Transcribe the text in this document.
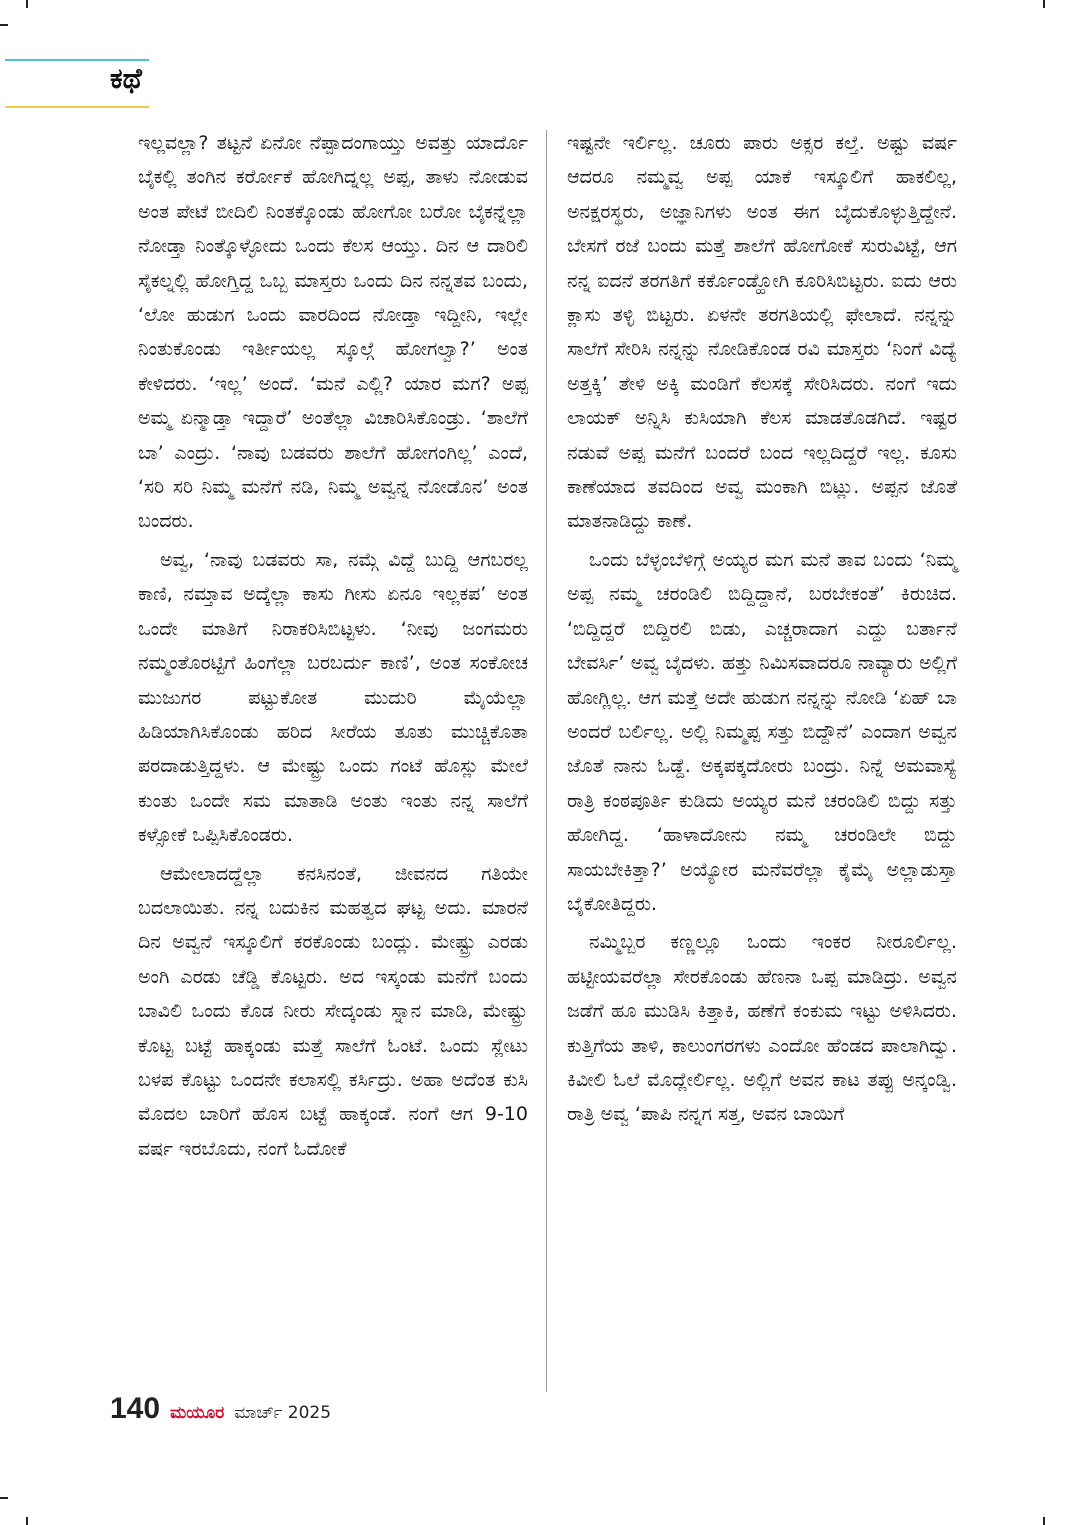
ಕಥೆ

ಇಲ್ಲವಲ್ಲಾ? ತಟ್ಟನೆ ಏನೋ ನೆಪ್ಪಾದಂಗಾಯ್ತು ಅವತ್ತು ಯಾರ್ದೊ ಬೈಕಲ್ಲಿ ತಂಗಿನ ಕರ್ರೋಕೆ ಹೋಗಿದ್ನಲ್ಲ ಅಪ್ಪ, ತಾಳು ನೋಡುವ ಅಂತ ಪೇಟೆ ಬೀದಿಲಿ ನಿಂತಕ್ಕೊಂಡು ಹೋಗೋ ಬರೋ ಬೈಕನ್ನೆಲ್ಲಾ ನೋಡ್ತಾ ನಿಂತ್ಕೊಳ್ಳೋದು ಒಂದು ಕೆಲಸ ಆಯ್ತು. ದಿನ ಆ ದಾರಿಲಿ ಸೈಕಲ್ನಲ್ಲಿ ಹೋಗ್ತಿದ್ದ ಒಬ್ಬ ಮಾಸ್ತರು ಒಂದು ದಿನ ನನ್ನತವ ಬಂದು, ‘ಲೋ ಹುಡುಗ ಒಂದು ವಾರದಿಂದ ನೋಡ್ತಾ ಇದ್ದೀನಿ, ಇಲ್ಲೇ ನಿಂತುಕೊಂಡು ಇರ್ತೀಯಲ್ಲ ಸ್ಕೂಲ್ಗೆ ಹೋಗಲ್ವಾ?’ ಅಂತ ಕೇಳಿದರು. ‘ಇಲ್ಲ’ ಅಂದೆ. ‘ಮನೆ ಎಲ್ಲಿ? ಯಾರ ಮಗ? ಅಪ್ಪ ಅಮ್ಮ ಏನ್ಮಾಡ್ತಾ ಇದ್ದಾರೆ’ ಅಂತೆಲ್ಲಾ ವಿಚಾರಿಸಿಕೊಂಡ್ರು. ‘ಶಾಲೆಗೆ ಬಾ’ ಎಂದ್ರು. ‘ನಾವು ಬಡವರು ಶಾಲೆಗೆ ಹೋಗಂಗಿಲ್ಲ’ ಎಂದೆ, ‘ಸರಿ ಸರಿ ನಿಮ್ಮ ಮನೆಗೆ ನಡಿ, ನಿಮ್ಮ ಅವ್ವನ್ನ ನೋಡೊನ’ ಅಂತ ಬಂದರು.

ಅವ್ವ, ‘ನಾವು ಬಡವರು ಸಾ, ನಮ್ಗೆ ವಿದ್ದೆ ಬುದ್ದಿ ಆಗಬರಲ್ಲ ಕಾಣಿ, ನಮ್ತಾವ ಅದ್ಕೆಲ್ಲಾ ಕಾಸು ಗೀಸು ಏನೂ ಇಲ್ಲಕಪ’ ಅಂತ ಒಂದೇ ಮಾತಿಗೆ ನಿರಾಕರಿಸಿಬಿಟ್ಟಳು. ‘ನೀವು ಜಂಗಮರು ನಮ್ಮಂತೊರಟ್ಟಿಗೆ ಹಿಂಗೆಲ್ಲಾ ಬರಬರ್ದು ಕಾಣಿ’, ಅಂತ ಸಂಕೋಚ ಮುಜುಗರ ಪಟ್ಟುಕೋತ ಮುದುರಿ ಮೈಯೆಲ್ಲಾ ಹಿಡಿಯಾಗಿಸಿಕೊಂಡು ಹರಿದ ಸೀರೆಯ ತೂತು ಮುಚ್ಚಿಕೊತಾ ಪರದಾಡುತ್ತಿದ್ದಳು. ಆ ಮೇಷ್ಟ್ರು ಒಂದು ಗಂಟೆ ಹೊಸ್ಲು ಮೇಲೆ ಕುಂತು ಒಂದೇ ಸಮ ಮಾತಾಡಿ ಅಂತು ಇಂತು ನನ್ನ ಸಾಲೆಗೆ ಕಳ್ಸೋಕೆ ಒಪ್ಪಿಸಿಕೊಂಡರು.

ಆಮೇಲಾದದ್ದೆಲ್ಲಾ ಕನಸಿನಂತೆ, ಜೀವನದ ಗತಿಯೇ ಬದಲಾಯಿತು. ನನ್ನ ಬದುಕಿನ ಮಹತ್ವದ ಘಟ್ಟ ಅದು. ಮಾರನೆ ದಿನ ಅವ್ವನೆ ಇಸ್ಕೂಲಿಗೆ ಕರಕೊಂಡು ಬಂದ್ಲು. ಮೇಷ್ಟ್ರು ಎರಡು ಅಂಗಿ ಎರಡು ಚೆಡ್ಡಿ ಕೊಟ್ಟರು. ಅದ ಇಸ್ಕಂಡು ಮನೆಗೆ ಬಂದು ಬಾವಿಲಿ ಒಂದು ಕೊಡ ನೀರು ಸೇದ್ಕಂಡು ಸ್ನಾನ ಮಾಡಿ, ಮೇಷ್ಟ್ರು ಕೊಟ್ಟ ಬಟ್ಟೆ ಹಾಕ್ಕಂಡು ಮತ್ತೆ ಸಾಲೆಗೆ ಓಂಟೆ. ಒಂದು ಸ್ಲೇಟು ಬಳಪ ಕೊಟ್ಟು ಒಂದನೇ ಕಲಾಸಲ್ಲಿ ಕರ್ಸಿದ್ರು. ಅಹಾ ಅದೆಂತ ಕುಸಿ ಮೊದಲ ಬಾರಿಗೆ ಹೊಸ ಬಟ್ಟೆ ಹಾಕ್ಕಂಡೆ. ನಂಗೆ ಆಗ 9-10 ವರ್ಷ ಇರಬೊದು, ನಂಗೆ ಓದೋಕೆ

ಇಷ್ಟನೇ ಇರ್ಲಿಲ್ಲ. ಚೂರು ಪಾರು ಅಕ್ಸರ ಕಲ್ತೆ. ಅಷ್ಟು ವರ್ಷ ಆದರೂ ನಮ್ಮವ್ವ ಅಪ್ಪ ಯಾಕೆ ಇಸ್ಕೂಲಿಗೆ ಹಾಕಲಿಲ್ಲ, ಅನಕ್ಷರಸ್ಥರು, ಅಜ್ಞಾನಿಗಳು ಅಂತ ಈಗ ಬೈದುಕೊಳ್ಳುತ್ತಿದ್ದೇನೆ. ಬೇಸಗೆ ರಜೆ ಬಂದು ಮತ್ತೆ ಶಾಲೆಗೆ ಹೋಗೋಕೆ ಸುರುವಿಟ್ಟೆ, ಆಗ ನನ್ನ ಐದನೆ ತರಗತಿಗೆ ಕರ್ಕೊಂಡ್ಹೋಗಿ ಕೂರಿಸಿಬಿಟ್ಟರು. ಐದು ಆರು ಕ್ಲಾಸು ತಳ್ಳಿ ಬಿಟ್ಟರು. ಏಳನೇ ತರಗತಿಯಲ್ಲಿ ಫೇಲಾದೆ. ನನ್ನನ್ನು ಸಾಲೆಗೆ ಸೇರಿಸಿ ನನ್ನನ್ನು ನೋಡಿಕೊಂಡ ರವಿ ಮಾಸ್ತರು ‘ನಿಂಗೆ ವಿದ್ಯೆ ಅತ್ತಕ್ಕಿ’ ತೇಳಿ ಅಕ್ಕಿ ಮಂಡಿಗೆ ಕೆಲಸಕ್ಕೆ ಸೇರಿಸಿದರು. ನಂಗೆ ಇದು ಲಾಯಕ್ ಅನ್ನಿಸಿ ಕುಸಿಯಾಗಿ ಕೆಲಸ ಮಾಡತೊಡಗಿದೆ. ಇಷ್ಟರ ನಡುವೆ ಅಪ್ಪ ಮನೆಗೆ ಬಂದರೆ ಬಂದ ಇಲ್ಲದಿದ್ದರೆ ಇಲ್ಲ. ಕೂಸು ಕಾಣೆಯಾದ ತವದಿಂದ ಅವ್ವ ಮಂಕಾಗಿ ಬಿಟ್ಲು. ಅಪ್ಪನ ಜೊತೆ ಮಾತನಾಡಿದ್ದು ಕಾಣೆ.

ಒಂದು ಬೆಳ್ಳಂಬೆಳಿಗ್ಗೆ ಅಯ್ಯರ ಮಗ ಮನೆ ತಾವ ಬಂದು ‘ನಿಮ್ಮ ಅಪ್ಪ ನಮ್ಮ ಚರಂಡಿಲಿ ಬಿದ್ದಿದ್ದಾನೆ, ಬರಬೇಕಂತೆ’ ಕಿರುಚಿದ. ‘ಬಿದ್ದಿದ್ದರೆ ಬಿದ್ದಿರಲಿ ಬಿಡು, ಎಚ್ಚರಾದಾಗ ಎದ್ದು ಬರ್ತಾನೆ ಬೇವರ್ಸಿ’ ಅವ್ವ ಬೈದಳು. ಹತ್ತು ನಿಮಿಸವಾದರೂ ನಾವ್ಯಾರು ಅಲ್ಲಿಗೆ ಹೋಗ್ಲಿಲ್ಲ. ಆಗ ಮತ್ತೆ ಅದೇ ಹುಡುಗ ನನ್ನನ್ನು ನೋಡಿ ‘ಏಹ್ ಬಾ ಅಂದರೆ ಬರ್ಲಿಲ್ಲ. ಅಲ್ಲಿ ನಿಮ್ಮಪ್ಪ ಸತ್ತು ಬಿದ್ದೌನೆ’ ಎಂದಾಗ ಅವ್ವನ ಜೊತೆ ನಾನು ಓಡ್ದೆ. ಅಕ್ಕಪಕ್ಕದೋರು ಬಂದ್ರು. ನಿನ್ನೆ ಅಮವಾಸ್ಯೆ ರಾತ್ರಿ ಕಂಠಪೂರ್ತಿ ಕುಡಿದು ಅಯ್ಯರ ಮನೆ ಚರಂಡಿಲಿ ಬಿದ್ದು ಸತ್ತು ಹೋಗಿದ್ದ. ‘ಹಾಳಾದೋನು ನಮ್ಮ ಚರಂಡಿಲೇ ಬಿದ್ದು ಸಾಯಬೇಕಿತ್ತಾ?’ ಅಯ್ಯೋರ ಮನೆವರೆಲ್ಲಾ ಕೈಮೈ ಅಲ್ಲಾಡುಸ್ತಾ ಬೈಕೋತಿದ್ದರು.

ನಮ್ಮಿಬ್ಬರ ಕಣ್ಣಲ್ಲೂ ಒಂದು ಇಂಕರ ನೀರೂರ್ಲಿಲ್ಲ. ಹಟ್ಟೀಯವರೆಲ್ಲಾ ಸೇರಕೊಂಡು ಹೆಣನಾ ಒಪ್ಪ ಮಾಡಿದ್ರು. ಅವ್ವನ ಜಡೆಗೆ ಹೂ ಮುಡಿಸಿ ಕಿತ್ತಾಕಿ, ಹಣೆಗೆ ಕಂಕುಮ ಇಟ್ಟು ಅಳಿಸಿದರು. ಕುತ್ತಿಗೆಯ ತಾಳಿ, ಕಾಲುಂಗರಗಳು ಎಂದೋ ಹೆಂಡದ ಪಾಲಾಗಿದ್ವು. ಕಿವೀಲಿ ಓಲೆ ಮೊದ್ಲೇರ್ಲಿಲ್ಲ. ಅಲ್ಲಿಗೆ ಅವನ ಕಾಟ ತಪ್ಪು ಅನ್ಕಂಡ್ವಿ. ರಾತ್ರಿ ಅವ್ವ ‘ಪಾಪಿ ನನ್ನಗ ಸತ್ತ, ಅವನ ಬಾಯಿಗೆ

140 ಮಯೂರ ಮಾರ್ಚ್ 2025
